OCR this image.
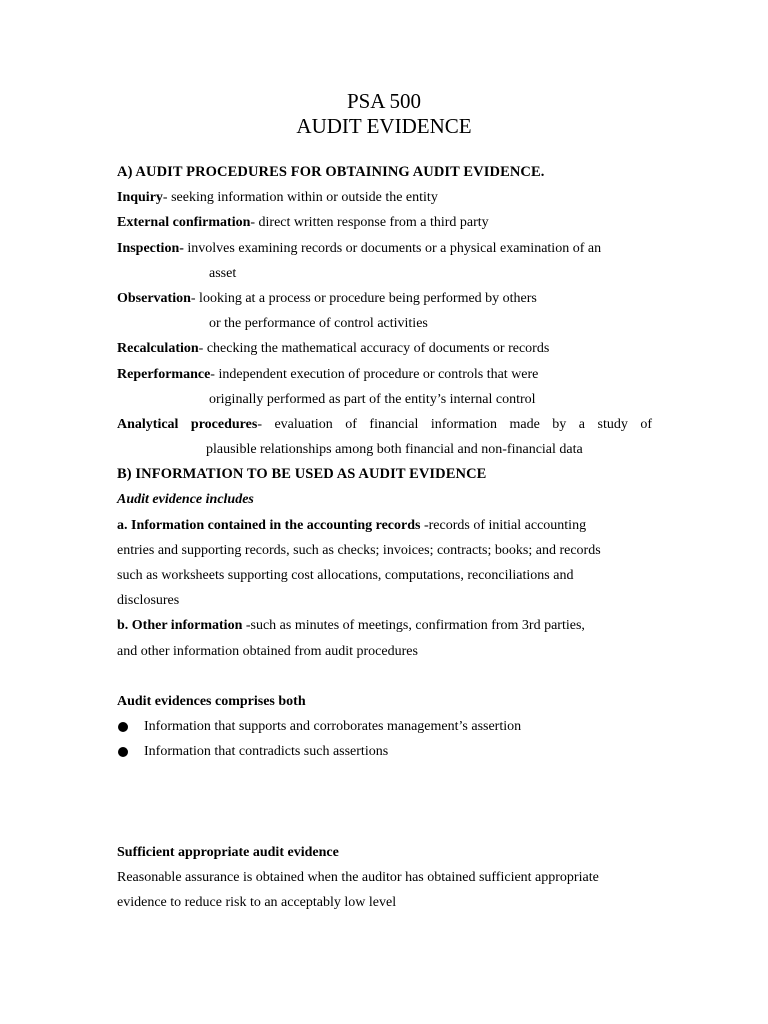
PSA 500
AUDIT EVIDENCE
A) AUDIT PROCEDURES FOR OBTAINING AUDIT EVIDENCE.
Inquiry- seeking information within or outside the entity
External confirmation- direct written response from a third party
Inspection- involves examining records or documents or a physical examination of an
asset
Observation- looking at a process or procedure being performed by others
or the performance of control activities
Recalculation- checking the mathematical accuracy of documents or records
Reperformance- independent execution of procedure or controls that were
originally performed as part of the entity’s internal control
Analytical procedures- evaluation of financial information made by a study of
plausible relationships among both financial and non-financial data
B) INFORMATION TO BE USED AS AUDIT EVIDENCE
Audit evidence includes
a. Information contained in the accounting records -records of initial accounting
entries and supporting records, such as checks; invoices; contracts; books; and records
such as worksheets supporting cost allocations, computations, reconciliations and
disclosures
b. Other information -such as minutes of meetings, confirmation from 3rd parties,
and other information obtained from audit procedures
Audit evidences comprises both
Information that supports and corroborates management’s assertion
Information that contradicts such assertions
Sufficient appropriate audit evidence
Reasonable assurance is obtained when the auditor has obtained sufficient appropriate
evidence to reduce risk to an acceptably low level
